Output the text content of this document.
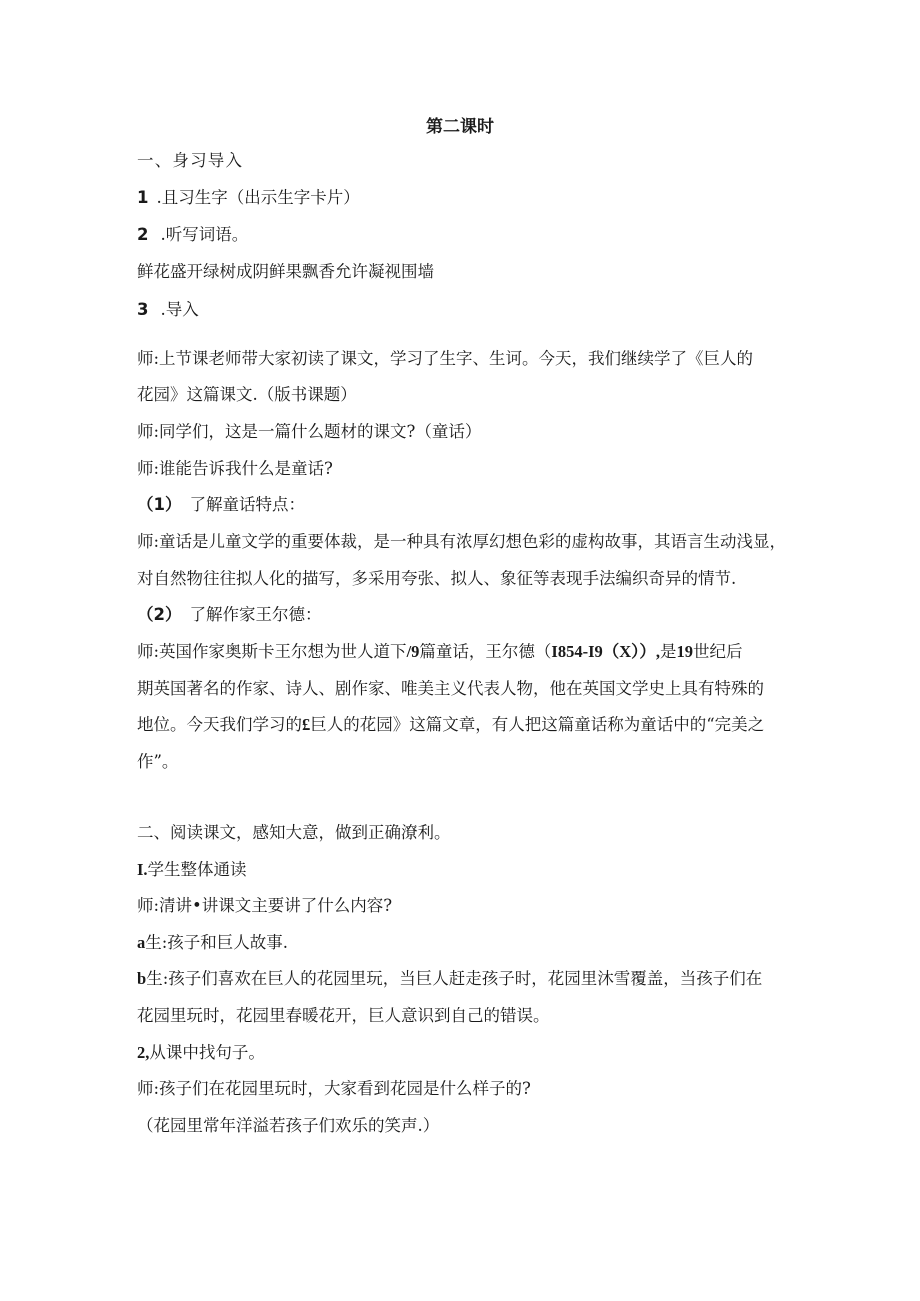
第二课时
一、身习导入
1 .且习生字（出示生字卡片）
2 .听写词语。
鲜花盛开绿树成阴鲜果飘香允许凝视围墙
3 .导入
师:上节课老师带大家初读了课文，学习了生字、生诃。今天，我们继续学了《巨人的
花园》这篇课文.（版书课题）
师:同学们，这是一篇什么题材的课文?（童话）
师:谁能告诉我什么是童话?
（1） 了解童话特点：
师:童话是儿童文学的重要体裁，是一种具有浓厚幻想色彩的虚构故事，其语言生动浅显，
对自然物往往拟人化的描写，多采用夸张、拟人、象征等表现手法编织奇异的情节.
（2） 了解作家王尔德：
师:英国作家奥斯卡王尔想为世人道下/9篇童话，王尔德（I854-I9（X））,是19世纪后
期英国著名的作家、诗人、剧作家、唯美主义代表人物，他在英国文学史上具有特殊的
地位。今天我们学习的£巨人的花园》这篇文章，有人把这篇童话称为童话中的“完美之
作”。
二、阅读课文，感知大意，做到正确潦利。
I.学生整体通读
师:清讲•讲课文主要讲了什么内容?
a生:孩子和巨人故事.
b生:孩子们喜欢在巨人的花园里玩，当巨人赶走孩子时，花园里沐雪覆盖，当孩子们在
花园里玩时，花园里春暖花开，巨人意识到自己的错误。
2,从课中找句子。
师:孩子们在花园里玩时，大家看到花园是什么样子的?
（花园里常年洋溢若孩子们欢乐的笑声.）
